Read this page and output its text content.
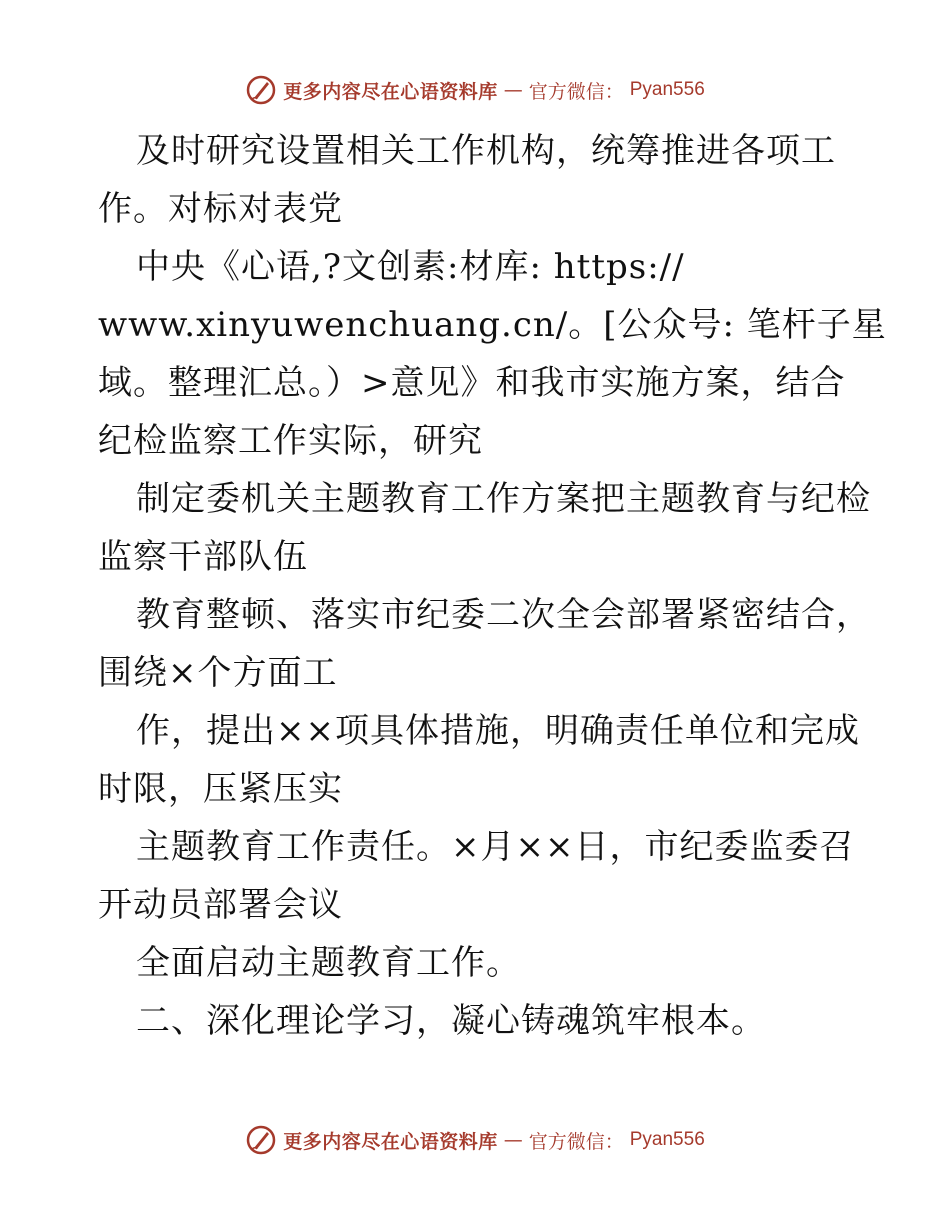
更多内容尽在心语资料库 — 官方微信： Pyan556
及时研究设置相关工作机构，统筹推进各项工
作。对标对表党
中央《心语,?文创素:材库: https://
www.xinyuwenchuang.cn/。[公众号: 笔杆子星
域。整理汇总。）>意见》和我市实施方案，结合
纪检监察工作实际，研究
制定委机关主题教育工作方案把主题教育与纪检
监察干部队伍
教育整顿、落实市纪委二次全会部署紧密结合，
围绕×个方面工
作，提出××项具体措施，明确责任单位和完成
时限，压紧压实
主题教育工作责任。×月××日，市纪委监委召
开动员部署会议
全面启动主题教育工作。
二、深化理论学习，凝心铸魂筑牢根本。
更多内容尽在心语资料库 — 官方微信： Pyan556
